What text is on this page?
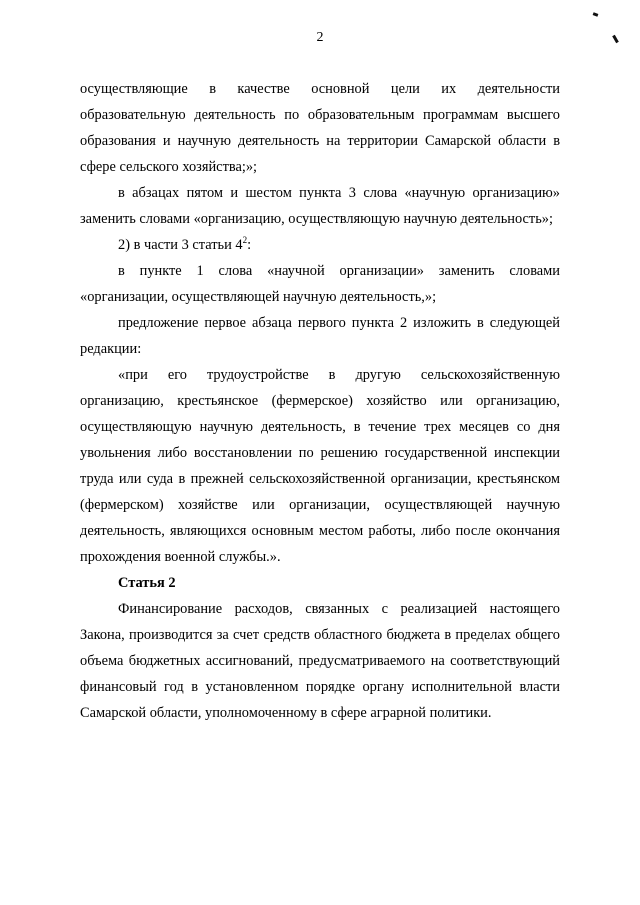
2

осуществляющие в качестве основной цели их деятельности образовательную деятельность по образовательным программам высшего образования и научную деятельность на территории Самарской области в сфере сельского хозяйства;»;

в абзацах пятом и шестом пункта 3 слова «научную организацию» заменить словами «организацию, осуществляющую научную деятельность»;

2) в части 3 статьи $4^2$:

в пункте 1 слова «научной организации» заменить словами «организации, осуществляющей научную деятельность,»;

предложение первое абзаца первого пункта 2 изложить в следующей редакции:

«при его трудоустройстве в другую сельскохозяйственную организацию, крестьянское (фермерское) хозяйство или организацию, осуществляющую научную деятельность, в течение трех месяцев со дня увольнения либо восстановлении по решению государственной инспекции труда или суда в прежней сельскохозяйственной организации, крестьянском (фермерском) хозяйстве или организации, осуществляющей научную деятельность, являющихся основным местом работы, либо после окончания прохождения военной службы.».

Статья 2

Финансирование расходов, связанных с реализацией настоящего Закона, производится за счет средств областного бюджета в пределах общего объема бюджетных ассигнований, предусматриваемого на соответствующий финансовый год в установленном порядке органу исполнительной власти Самарской области, уполномоченному в сфере аграрной политики.
